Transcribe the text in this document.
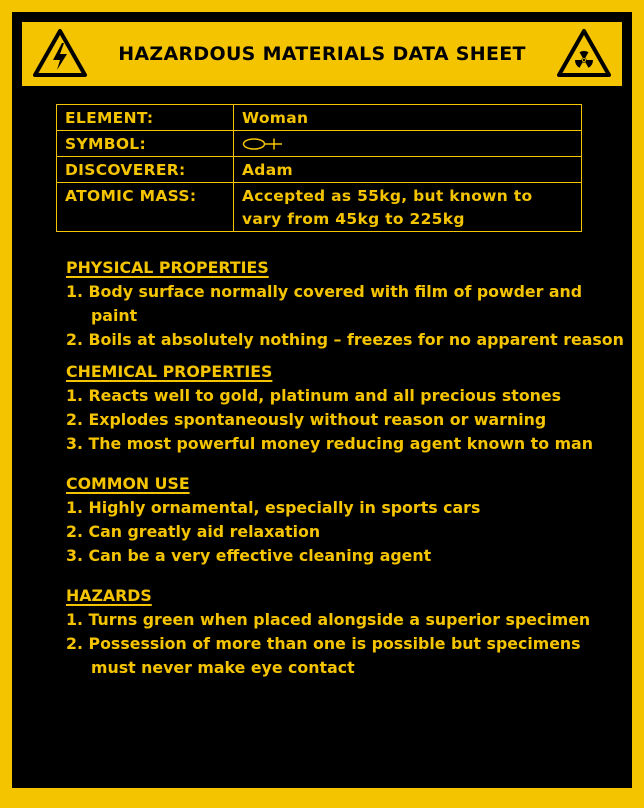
HAZARDOUS MATERIALS DATA SHEET
ELEMENT:	Woman
SYMBOL:	
DISCOVERER:	Adam
ATOMIC MASS:	Accepted as 55kg, but known to vary from 45kg to 225kg
PHYSICAL PROPERTIES
1. Body surface normally covered with film of powder and paint
2. Boils at absolutely nothing – freezes for no apparent reason
CHEMICAL PROPERTIES
1. Reacts well to gold, platinum and all precious stones
2. Explodes spontaneously without reason or warning
3. The most powerful money reducing agent known to man
COMMON USE
1. Highly ornamental, especially in sports cars
2. Can greatly aid relaxation
3. Can be a very effective cleaning agent
HAZARDS
1. Turns green when placed alongside a superior specimen
2. Possession of more than one is possible but specimens must never make eye contact
